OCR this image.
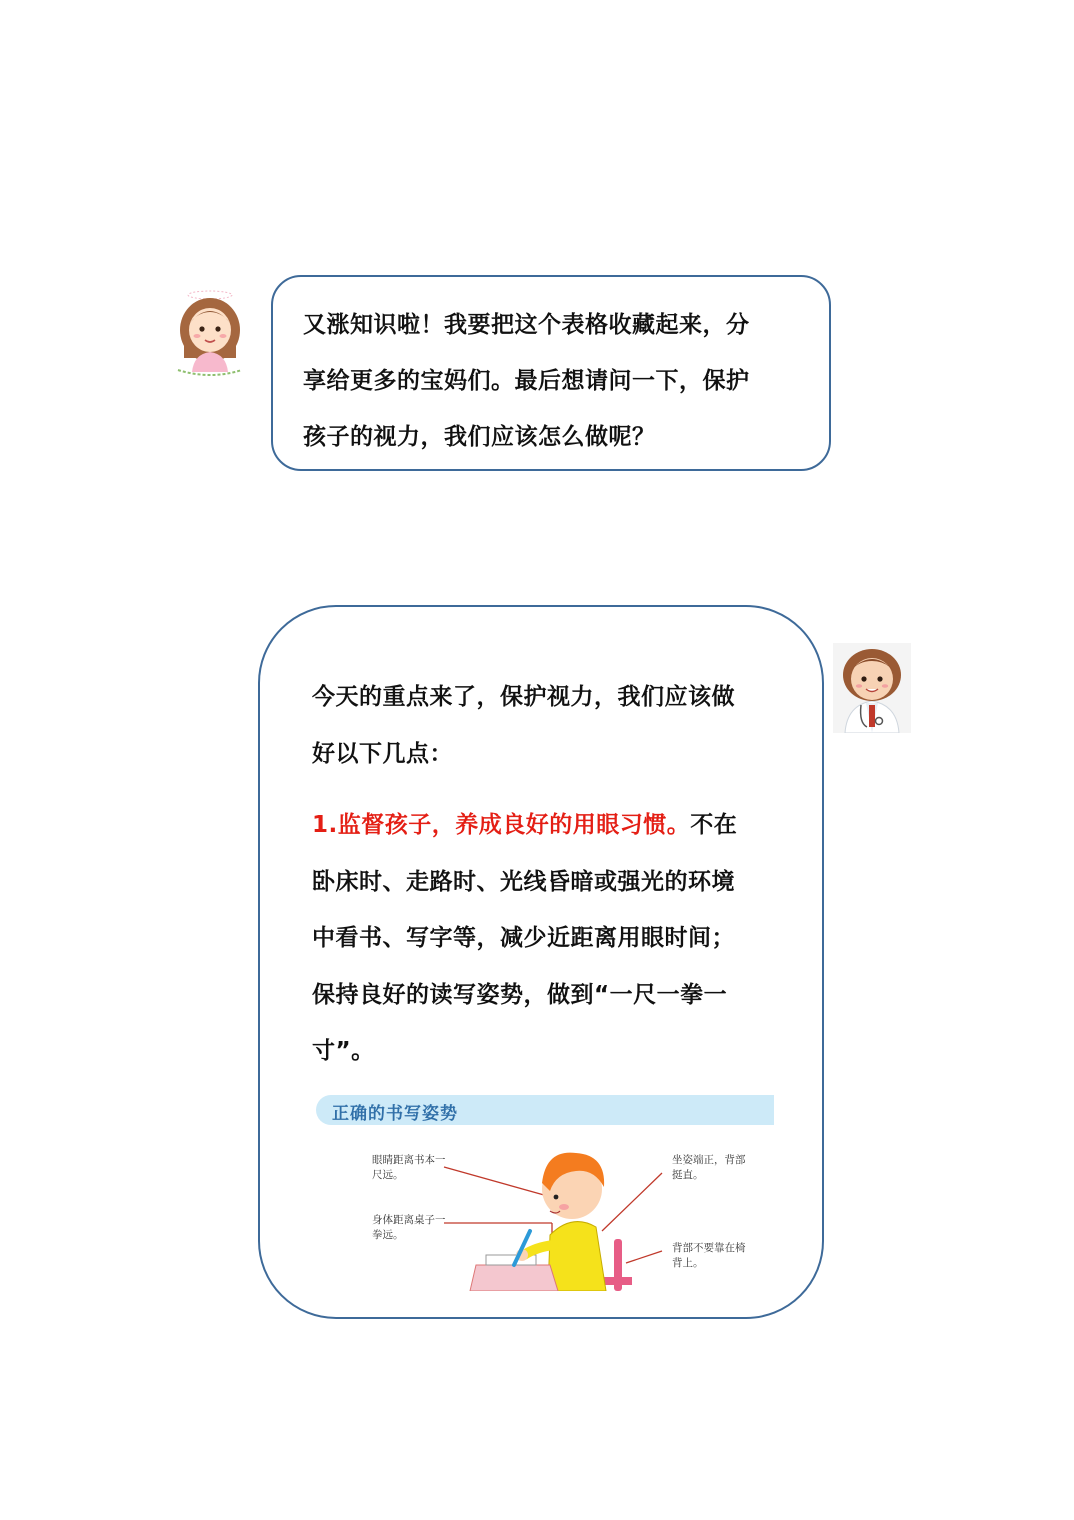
又涨知识啦！我要把这个表格收藏起来，分

享给更多的宝妈们。最后想请问一下，保护

孩子的视力，我们应该怎么做呢？

今天的重点来了，保护视力，我们应该做

好以下几点：

1.监督孩子，养成良好的用眼习惯。不在

卧床时、走路时、光线昏暗或强光的环境

中看书、写字等，减少近距离用眼时间；

保持良好的读写姿势，做到“一尺一拳一

寸”。

正确的书写姿势
眼睛距离书本一尺远。
身体距离桌子一拳远。
坐姿端正，背部挺直。
背部不要靠在椅背上。
